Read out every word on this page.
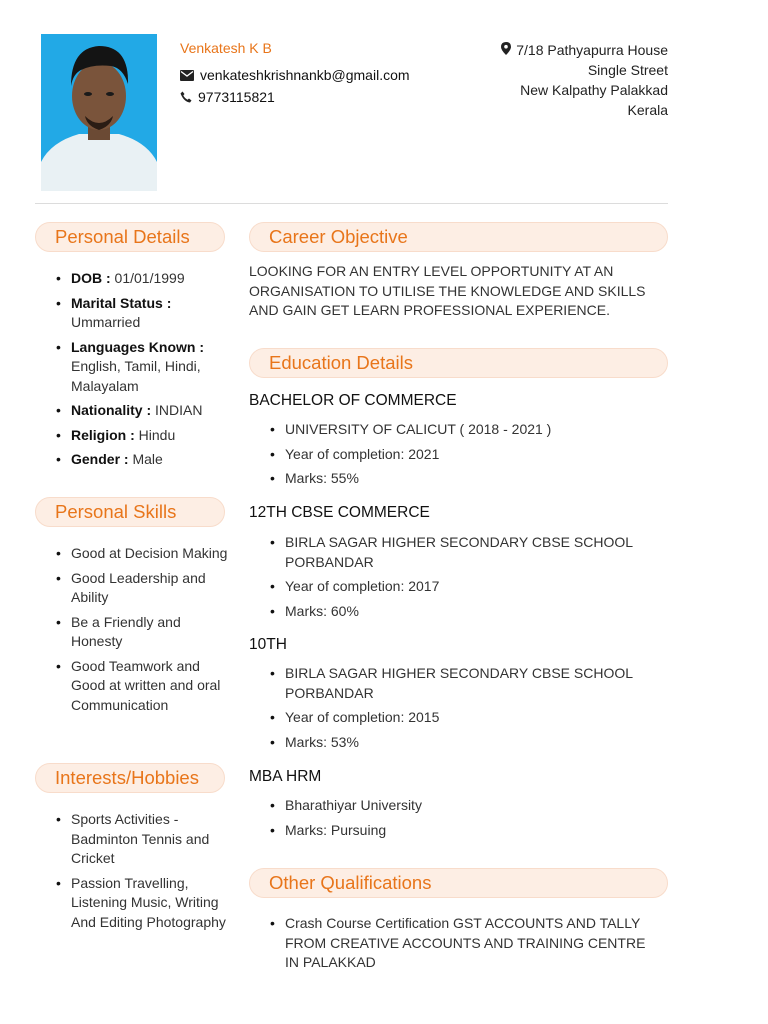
Venkatesh K B
venkateshkrishnankb@gmail.com
9773115821
7/18 Pathyapurra House
Single Street
New Kalpathy Palakkad
Kerala
Personal Details
• DOB : 01/01/1999
• Marital Status : Ummarried
• Languages Known : English, Tamil, Hindi, Malayalam
• Nationality : INDIAN
• Religion : Hindu
• Gender : Male
Personal Skills
• Good at Decision Making
• Good Leadership and Ability
• Be a Friendly and Honesty
• Good Teamwork and Good at written and oral Communication
Interests/Hobbies
• Sports Activities - Badminton Tennis and Cricket
• Passion Travelling, Listening Music, Writing And Editing Photography
Career Objective
LOOKING FOR AN ENTRY LEVEL OPPORTUNITY AT AN ORGANISATION TO UTILISE THE KNOWLEDGE AND SKILLS AND GAIN GET LEARN PROFESSIONAL EXPERIENCE.
Education Details
BACHELOR OF COMMERCE
• UNIVERSITY OF CALICUT ( 2018 - 2021 )
• Year of completion: 2021
• Marks: 55%
12TH CBSE COMMERCE
• BIRLA SAGAR HIGHER SECONDARY CBSE SCHOOL PORBANDAR
• Year of completion: 2017
• Marks: 60%
10TH
• BIRLA SAGAR HIGHER SECONDARY CBSE SCHOOL PORBANDAR
• Year of completion: 2015
• Marks: 53%
MBA HRM
• Bharathiyar University
• Marks: Pursuing
Other Qualifications
• Crash Course Certification GST ACCOUNTS AND TALLY FROM CREATIVE ACCOUNTS AND TRAINING CENTRE IN PALAKKAD
